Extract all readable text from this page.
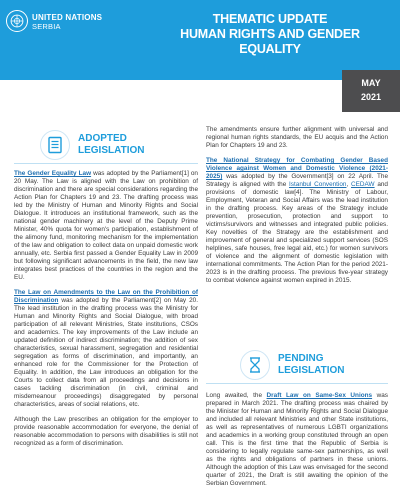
UNITED NATIONS
SERBIA
THEMATIC UPDATE
HUMAN RIGHTS AND GENDER
EQUALITY
MAY
2021
ADOPTED
LEGISLATION

The Gender Equality Law was adopted by the Parliament[1] on 20 May. The Law is aligned with the Law on prohibition of discrimination and there are special considerations regarding the Action Plan for Chapters 19 and 23. The drafting process was led by the Ministry of Human and Minority Rights and Social Dialogue. It introduces an institutional framework, such as the national gender machinery at the level of the Deputy Prime Minister, 40% quota for women's participation, establishment of the alimony fund, monitoring mechanism for the implementation of the law and obligation to collect data on unpaid domestic work annually, etc. Serbia first passed a Gender Equality Law in 2009 but following significant advancements in the field, the new law integrates best practices of the countries in the region and the EU.

The Law on Amendments to the Law on the Prohibition of Discrimination was adopted by the Parliament[2] on May 20. The lead institution in the drafting process was the Ministry for Human and Minority Rights and Social Dialogue, with broad participation of all relevant Ministries, State institutions, CSOs and academics. The key improvements of the Law include an updated definition of indirect discrimination; the addition of sex characteristics, sexual harassment, segregation and residential segregation as forms of discrimination, and importantly, an enhanced role for the Commissioner for the Protection of Equality. In addition, the Law introduces an obligation for the Courts to collect data from all proceedings and decisions in cases tackling discrimination (in civil, criminal and misdemeanour proceedings) disaggregated by personal characteristics, areas of social relations, etc.

Although the Law prescribes an obligation for the employer to provide reasonable accommodation for everyone, the denial of reasonable accommodation to persons with disabilities is still not recognized as a form of discrimination.

The amendments ensure further alignment with universal and regional human rights standards, the EU acquis and the Action Plan for Chapters 19 and 23.

The National Strategy for Combating Gender Based Violence against Women and Domestic Violence (2021-2025) was adopted by the Government[3] on 22 April. The Strategy is aligned with the Istanbul Convention, CEDAW and provisions of domestic law[4]. The Ministry of Labour, Employment, Veteran and Social Affairs was the lead institution in the drafting process. Key areas of the Strategy include prevention, prosecution, protection and support to victims/survivors and witnesses and integrated public policies. Key novelties of the Strategy are the establishment and improvement of general and specialized support services (SOS helplines, safe houses, free legal aid, etc.) for women survivors of violence and the alignment of domestic legislation with international commitments. The Action Plan for the period 2021-2023 is in the drafting process. The previous five-year strategy to combat violence against women expired in 2015.

PENDING
LEGISLATION

Long awaited, the Draft Law on Same-Sex Unions was prepared in March 2021. The drafting process was chaired by the Minister for Human and Minority Rights and Social Dialogue and included all relevant Ministries and other State institutions, as well as representatives of numerous LGBTI organizations and academics in a working group constituted through an open call. This is the first time that the Republic of Serbia is considering to legally regulate same-sex partnerships, as well as the rights and obligations of partners in these unions. Although the adoption of this Law was envisaged for the second quarter of 2021, the Draft is still awaiting the opinion of the Serbian Government.
